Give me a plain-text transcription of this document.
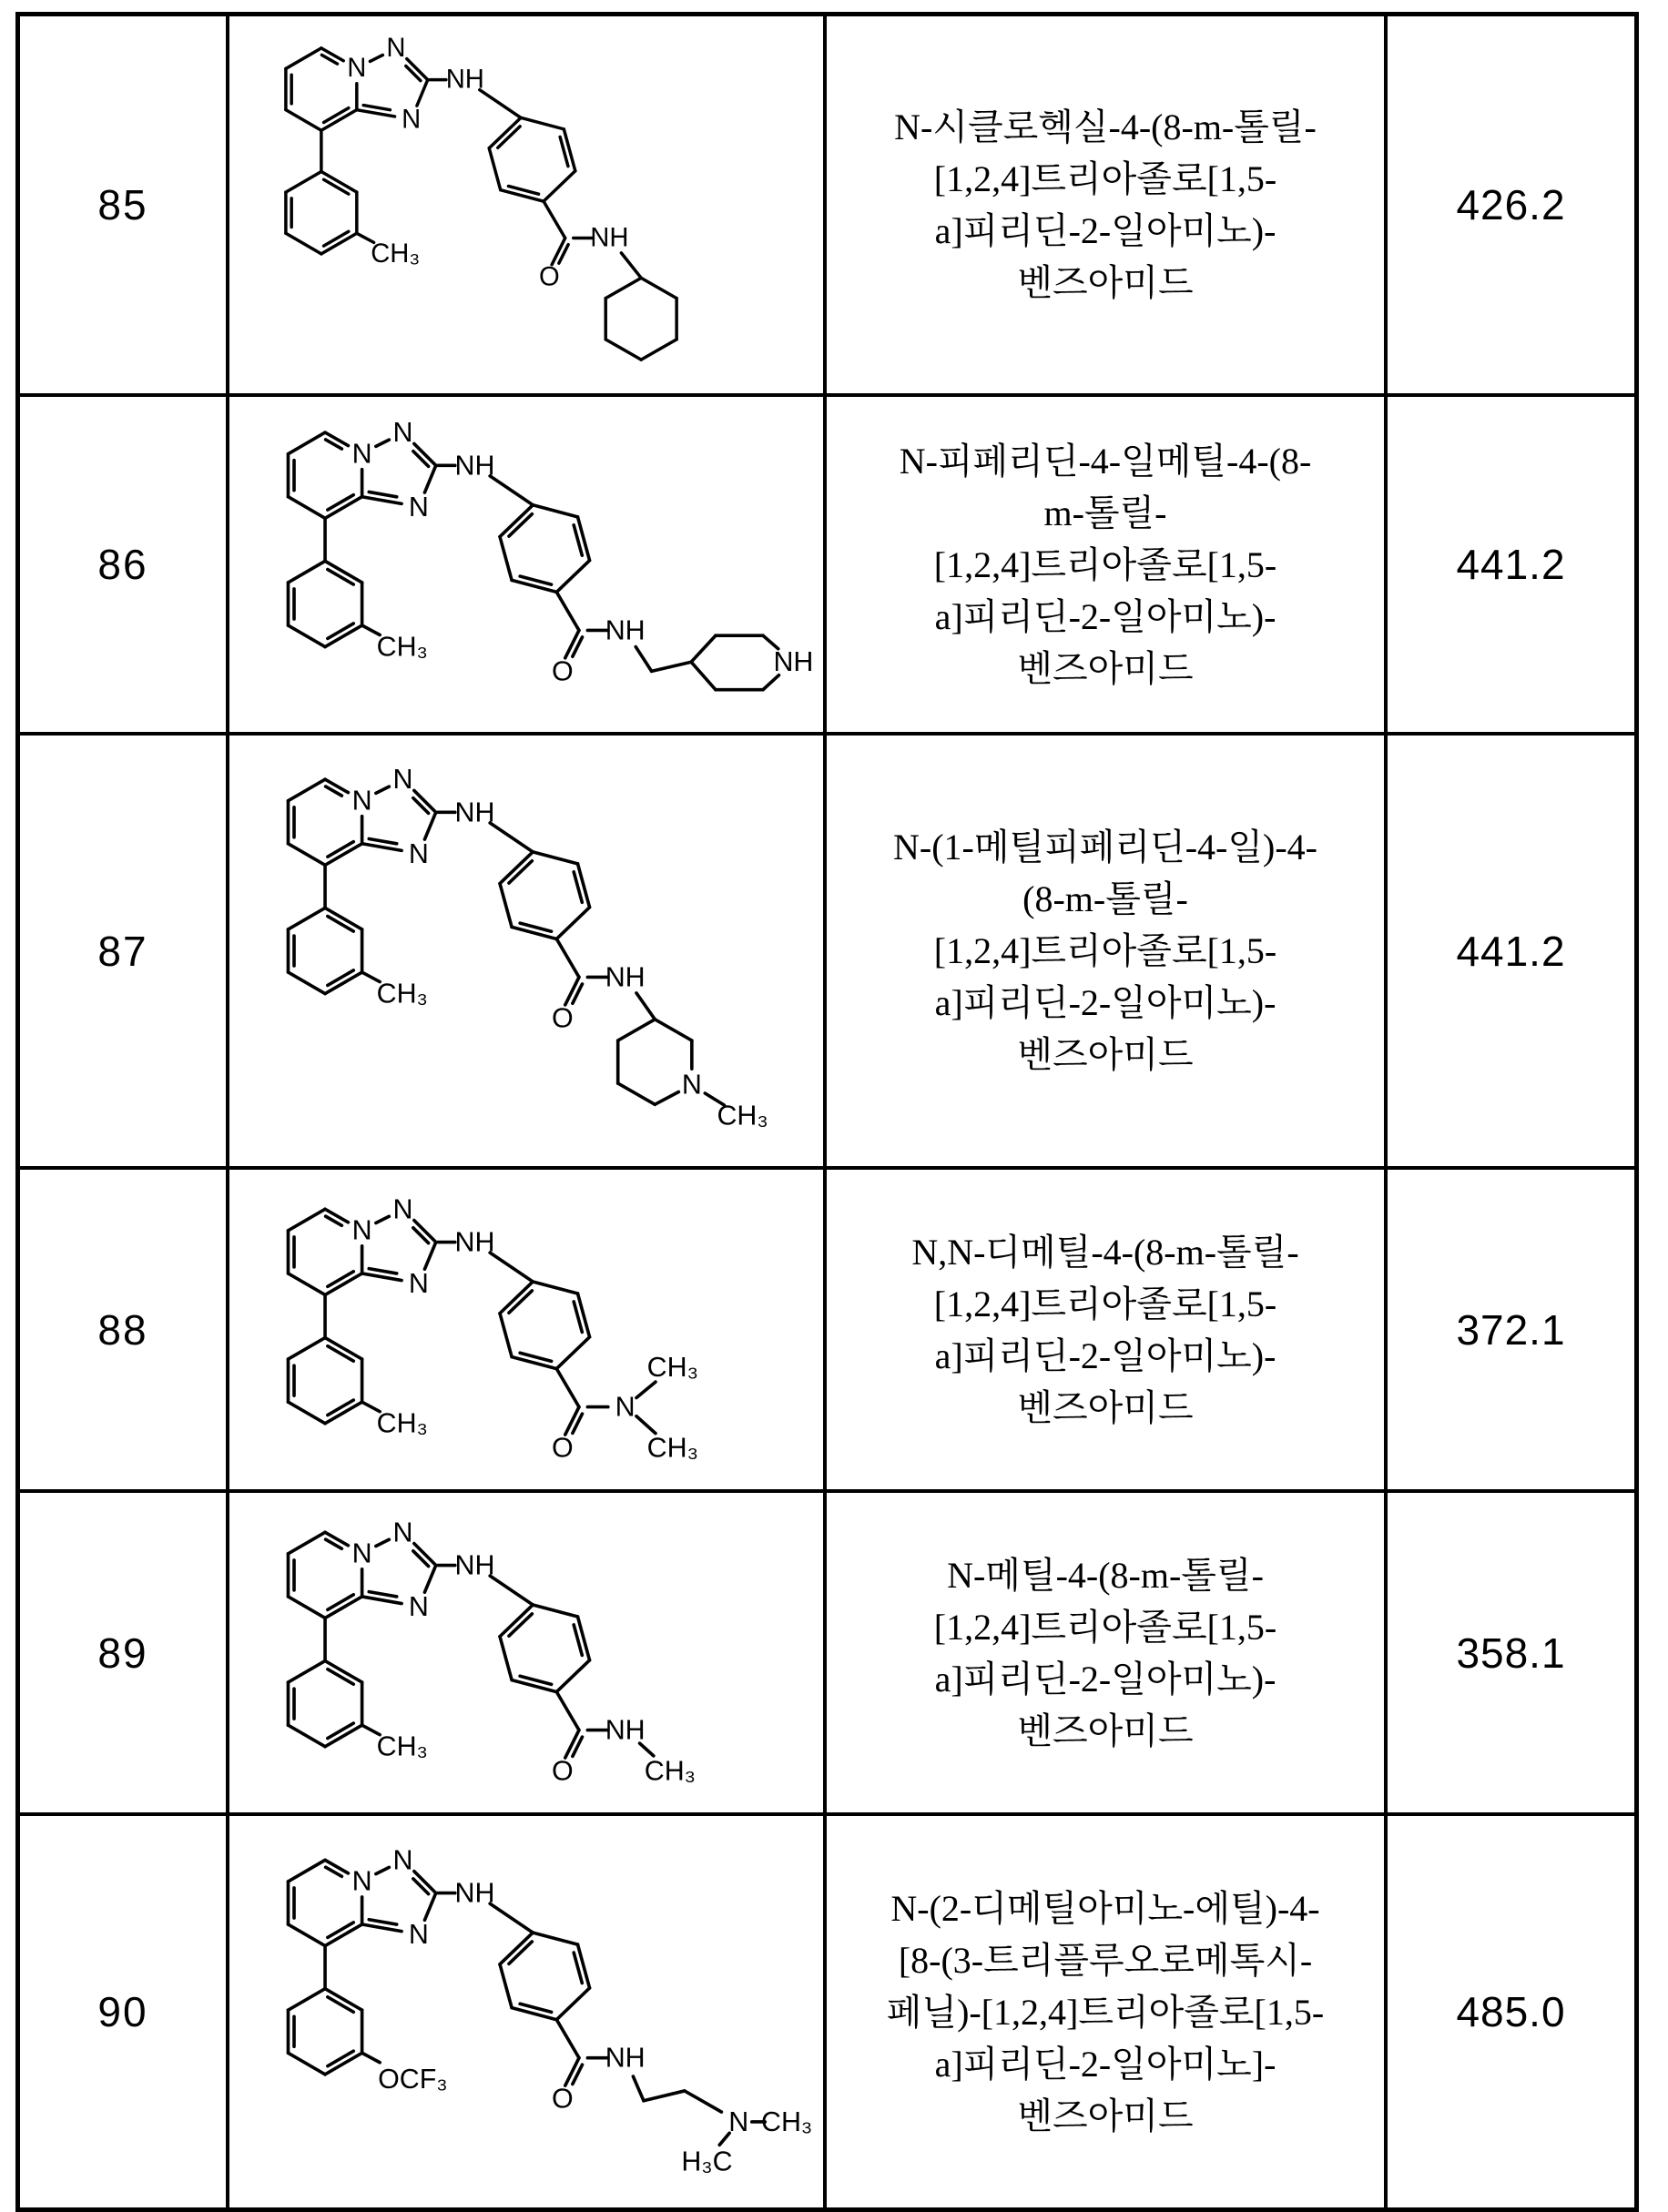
85
N
N
N
NH
O
NH
CH₃
N-시클로헥실-4-(8-m-톨릴-
[1,2,4]트리아졸로[1,5-
a]피리딘-2-일아미노)-
벤즈아미드
426.2
86
N
N
N
NH
O
NH
CH₃	NH
N-피페리딘-4-일메틸-4-(8-
m-톨릴-
[1,2,4]트리아졸로[1,5-
a]피리딘-2-일아미노)-
벤즈아미드
441.2
87
N
N
N
NH
O
NH
CH₃
N
CH₃
N-(1-메틸피페리딘-4-일)-4-
(8-m-톨릴-
[1,2,4]트리아졸로[1,5-
a]피리딘-2-일아미노)-
벤즈아미드
441.2
88
N
N
N
NH
O
N
CH₃
CH₃
CH₃
N,N-디메틸-4-(8-m-톨릴-
[1,2,4]트리아졸로[1,5-
a]피리딘-2-일아미노)-
벤즈아미드
372.1
89
N
N
N
NH
O
NH
CH₃
CH₃
N-메틸-4-(8-m-톨릴-
[1,2,4]트리아졸로[1,5-
a]피리딘-2-일아미노)-
벤즈아미드
358.1
90
N
N
N
NH
O
NH
OCF₃
N CH₃
H₃C
N-(2-디메틸아미노-에틸)-4-
[8-(3-트리플루오로메톡시-
페닐)-[1,2,4]트리아졸로[1,5-
a]피리딘-2-일아미노]-
벤즈아미드
485.0
